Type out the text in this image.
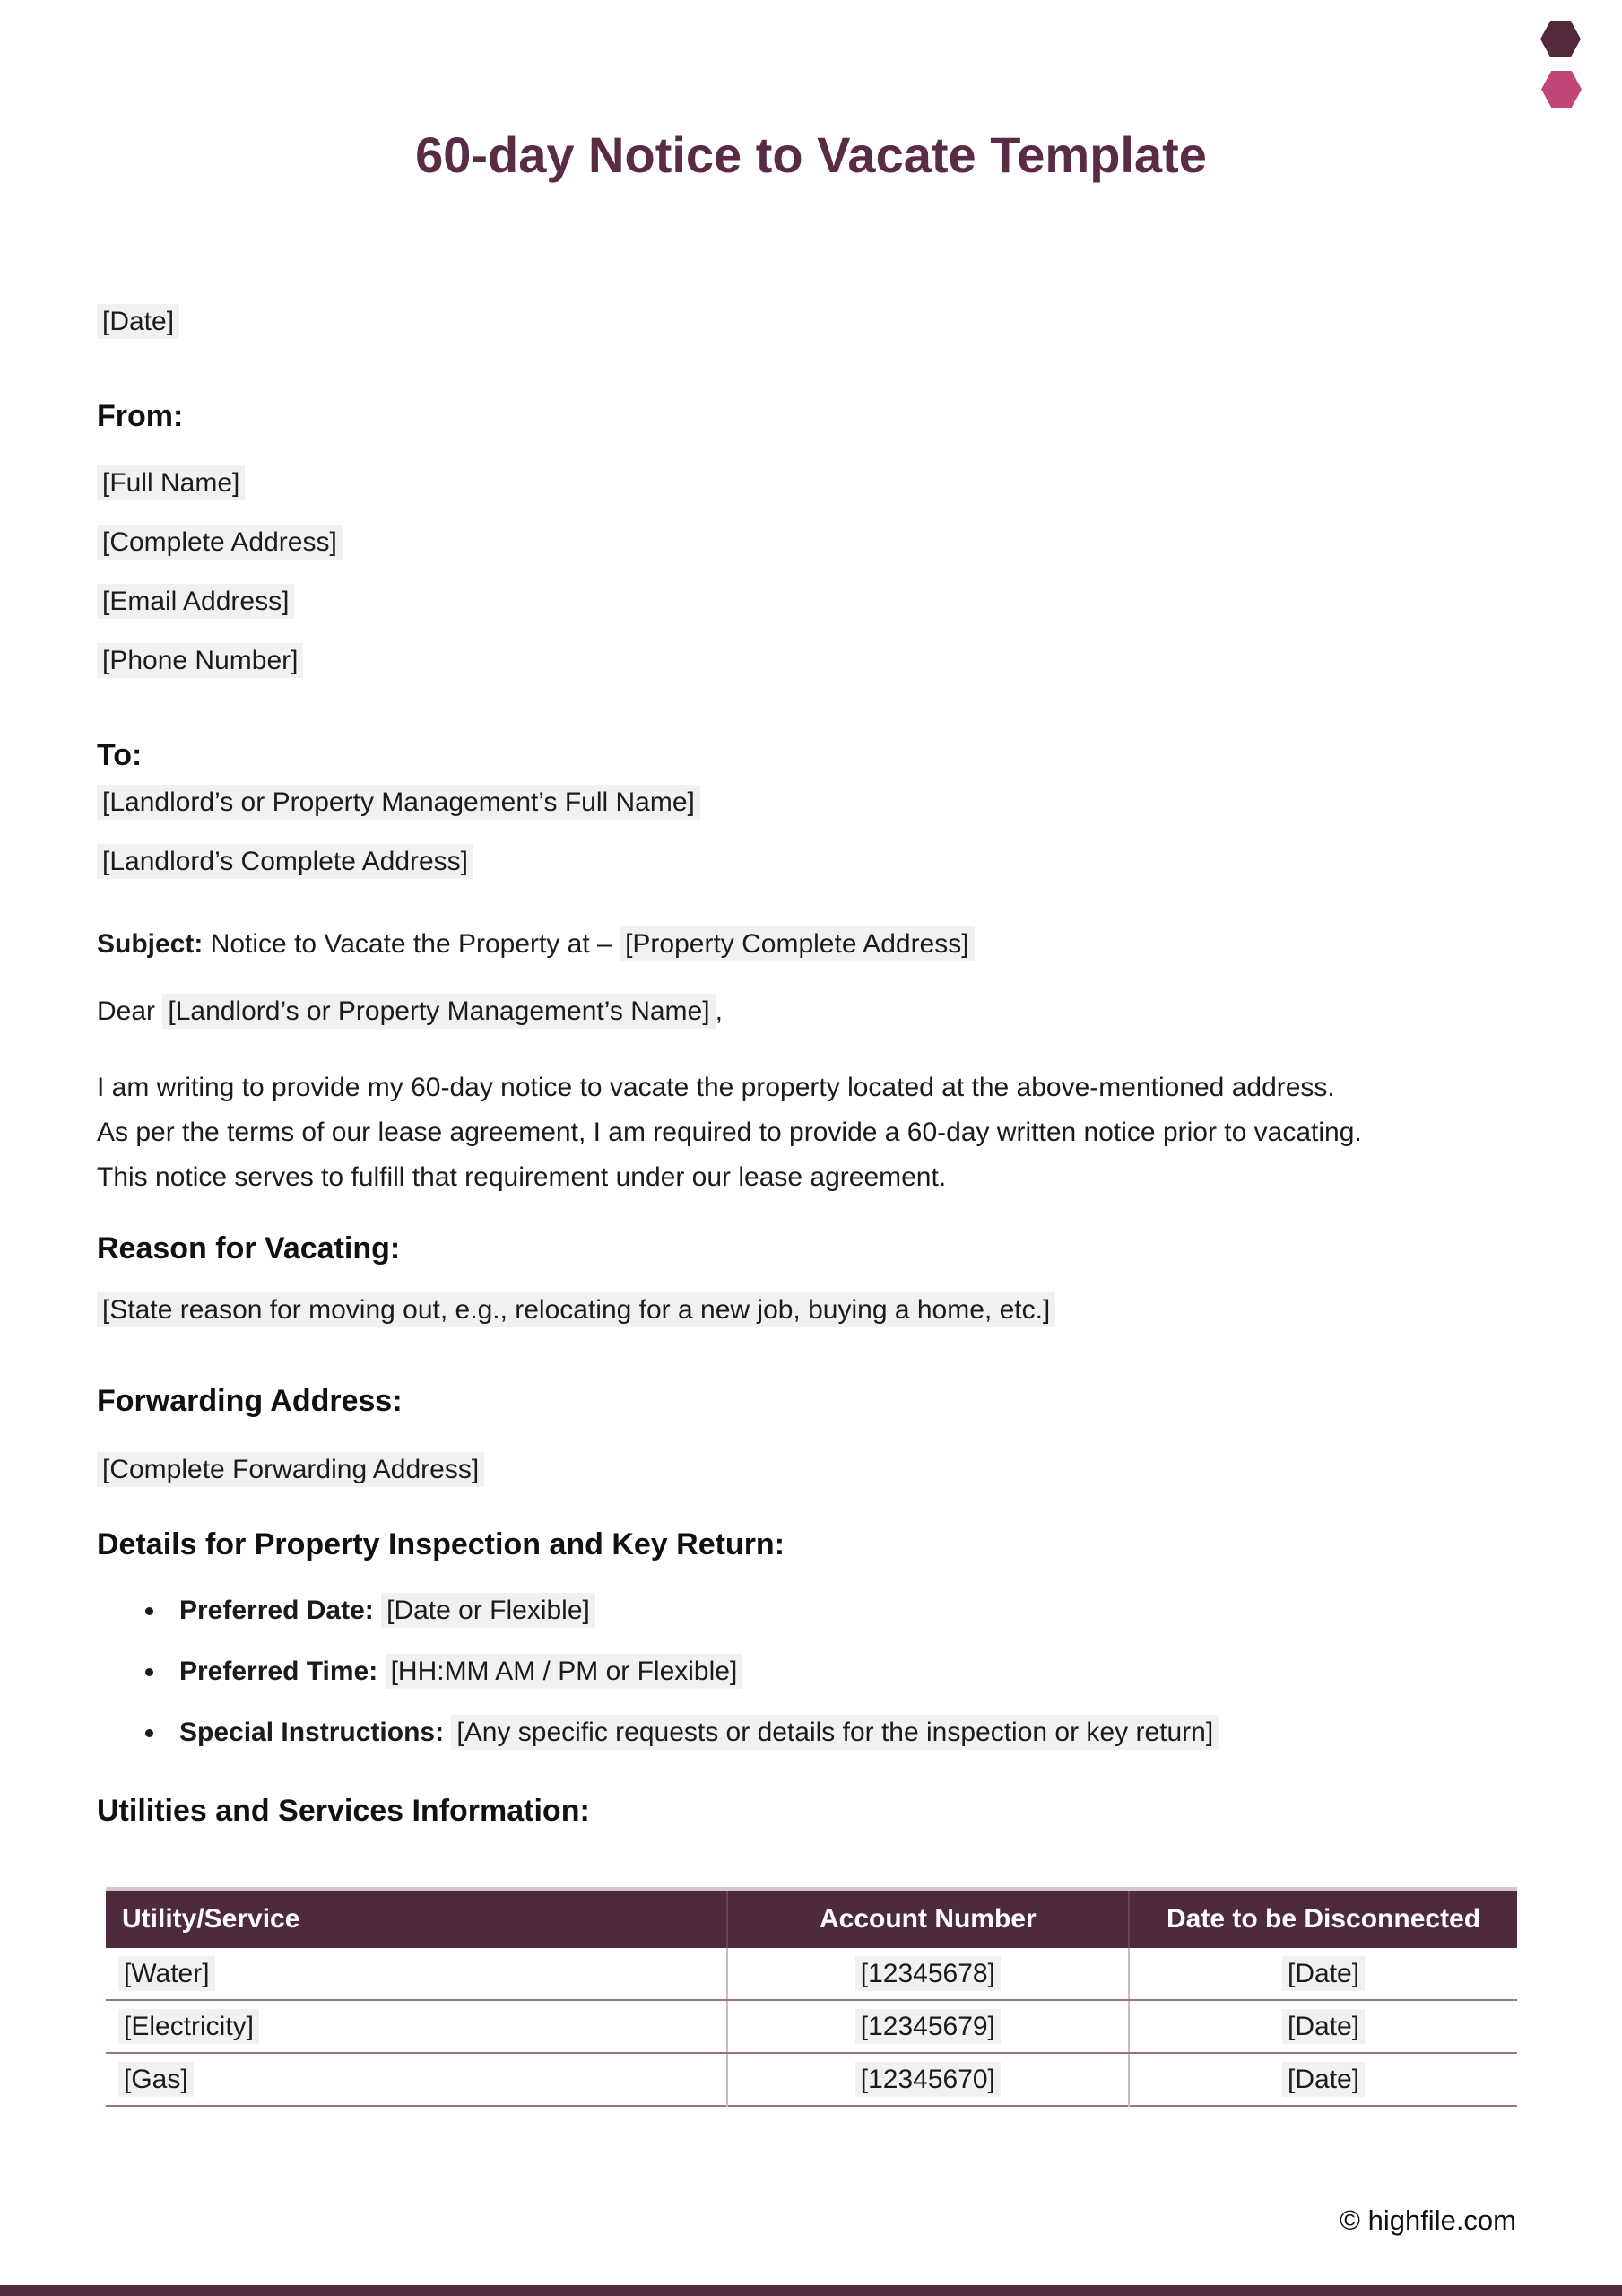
60-day Notice to Vacate Template
[Date]

From:

[Full Name]
[Complete Address]
[Email Address]
[Phone Number]

To:

[Landlord’s or Property Management’s Full Name]
[Landlord’s Complete Address]
Subject: Notice to Vacate the Property at – [Property Complete Address]
Dear [Landlord’s or Property Management’s Name] ,
I am writing to provide my 60-day notice to vacate the property located at the above-mentioned address.
As per the terms of our lease agreement, I am required to provide a 60-day written notice prior to vacating.
This notice serves to fulfill that requirement under our lease agreement.

Reason for Vacating:

[State reason for moving out, e.g., relocating for a new job, buying a home, etc.]

Forwarding Address:

[Complete Forwarding Address]

Details for Property Inspection and Key Return:

• Preferred Date: [Date or Flexible]
• Preferred Time: [HH:MM AM / PM or Flexible]
• Special Instructions: [Any specific requests or details for the inspection or key return]

Utilities and Services Information:

Utility/Service	Account Number	Date to be Disconnected
[Water]	[12345678]	[Date]
[Electricity]	[12345679]	[Date]
[Gas]	[12345670]	[Date]
© highfile.com
